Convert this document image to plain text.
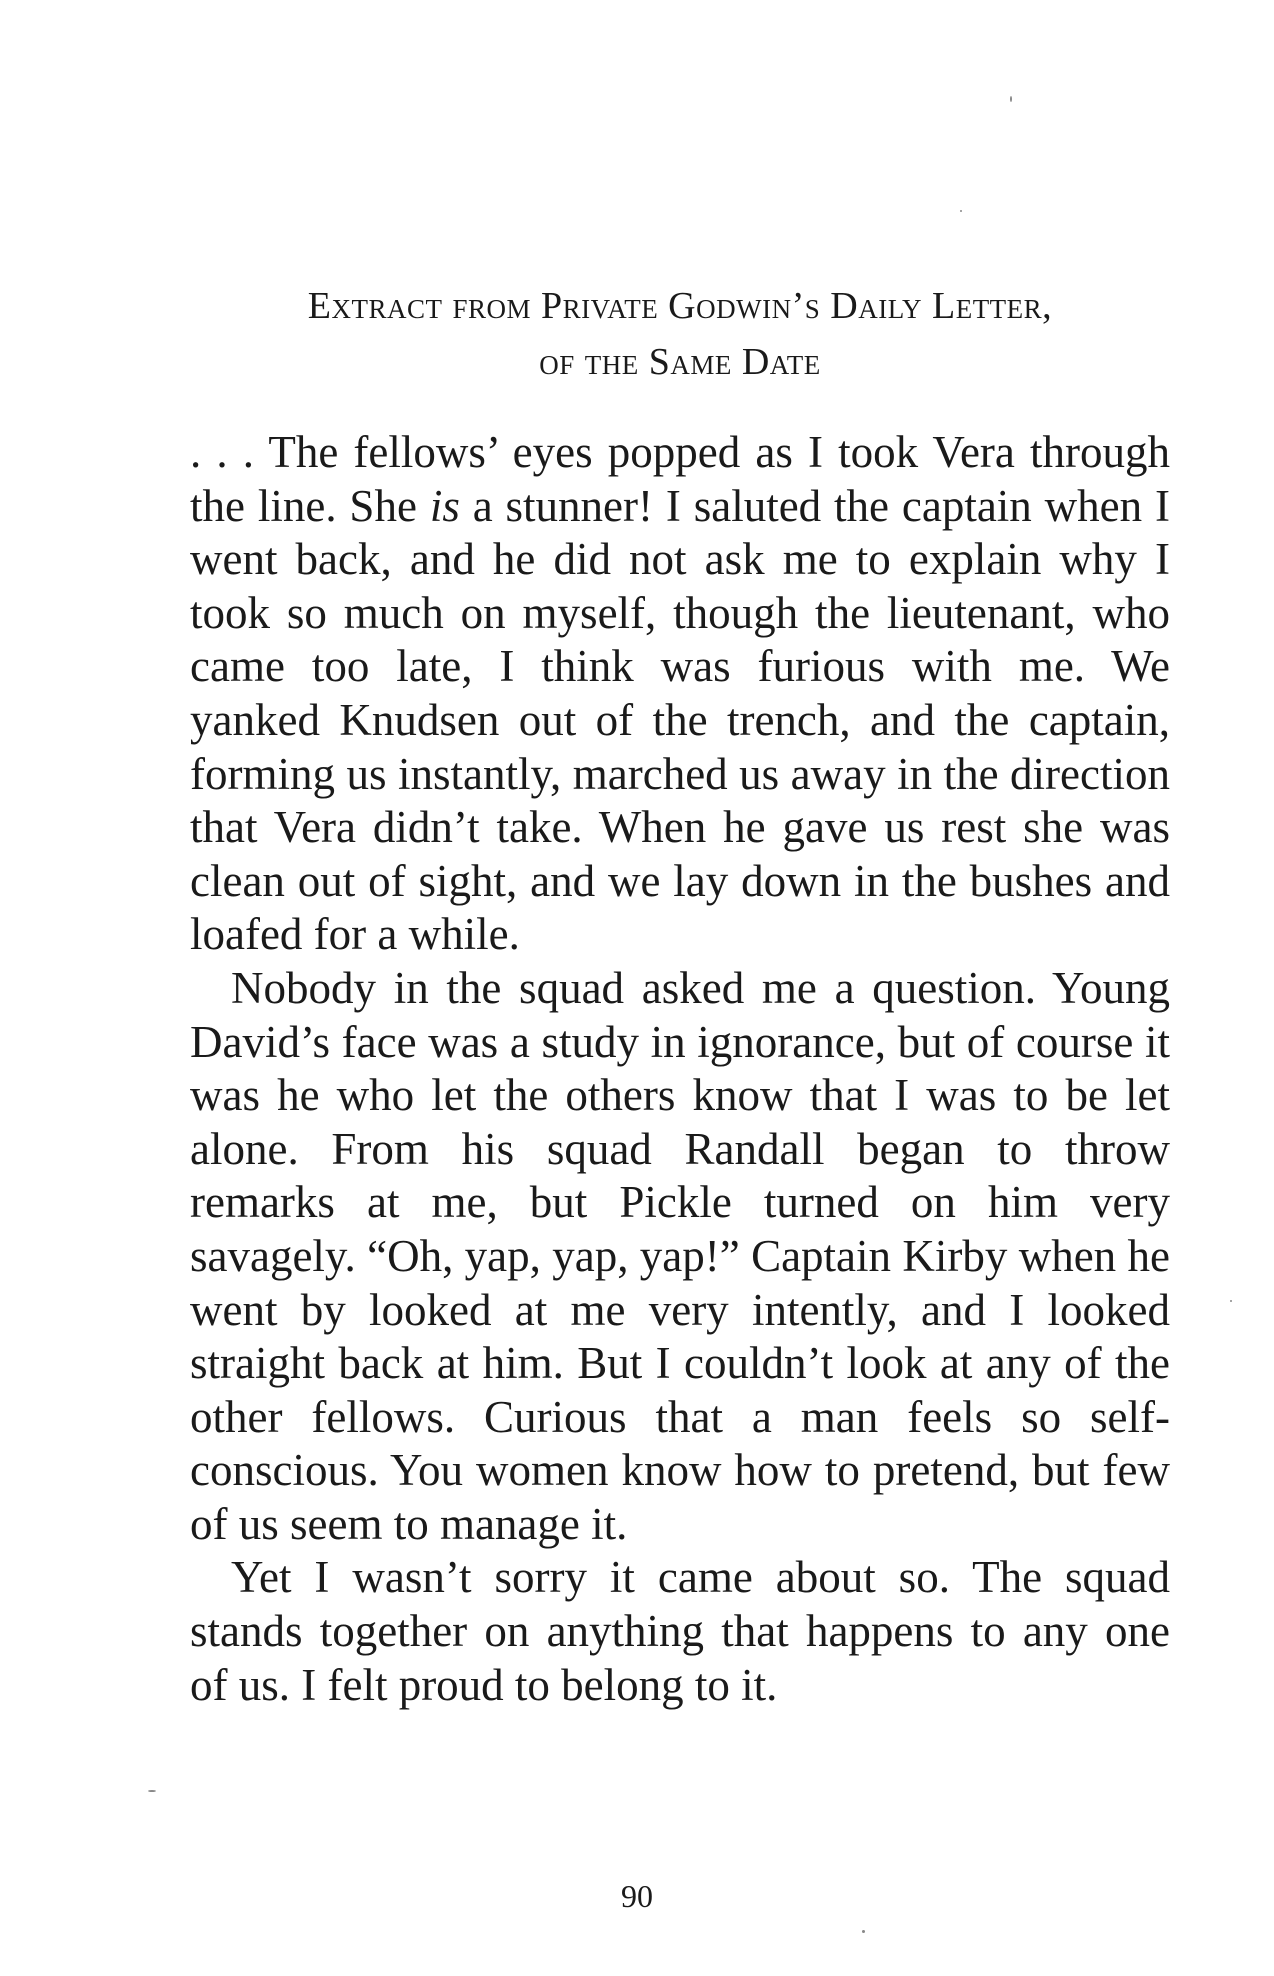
Extract from Private Godwin’s Daily Letter,
of the Same Date

. . . The fellows’ eyes popped as I took Vera through the line. She is a stunner! I saluted the captain when I went back, and he did not ask me to explain why I took so much on myself, though the lieutenant, who came too late, I think was furious with me. We yanked Knudsen out of the trench, and the captain, forming us instantly, marched us away in the direction that Vera didn’t take. When he gave us rest she was clean out of sight, and we lay down in the bushes and loafed for a while.

Nobody in the squad asked me a question. Young David’s face was a study in ignorance, but of course it was he who let the others know that I was to be let alone. From his squad Randall began to throw remarks at me, but Pickle turned on him very savagely. “Oh, yap, yap, yap!” Captain Kirby when he went by looked at me very intently, and I looked straight back at him. But I couldn’t look at any of the other fellows. Curious that a man feels so self-conscious. You women know how to pretend, but few of us seem to manage it.

Yet I wasn’t sorry it came about so. The squad stands together on anything that happens to any one of us. I felt proud to belong to it.

90
